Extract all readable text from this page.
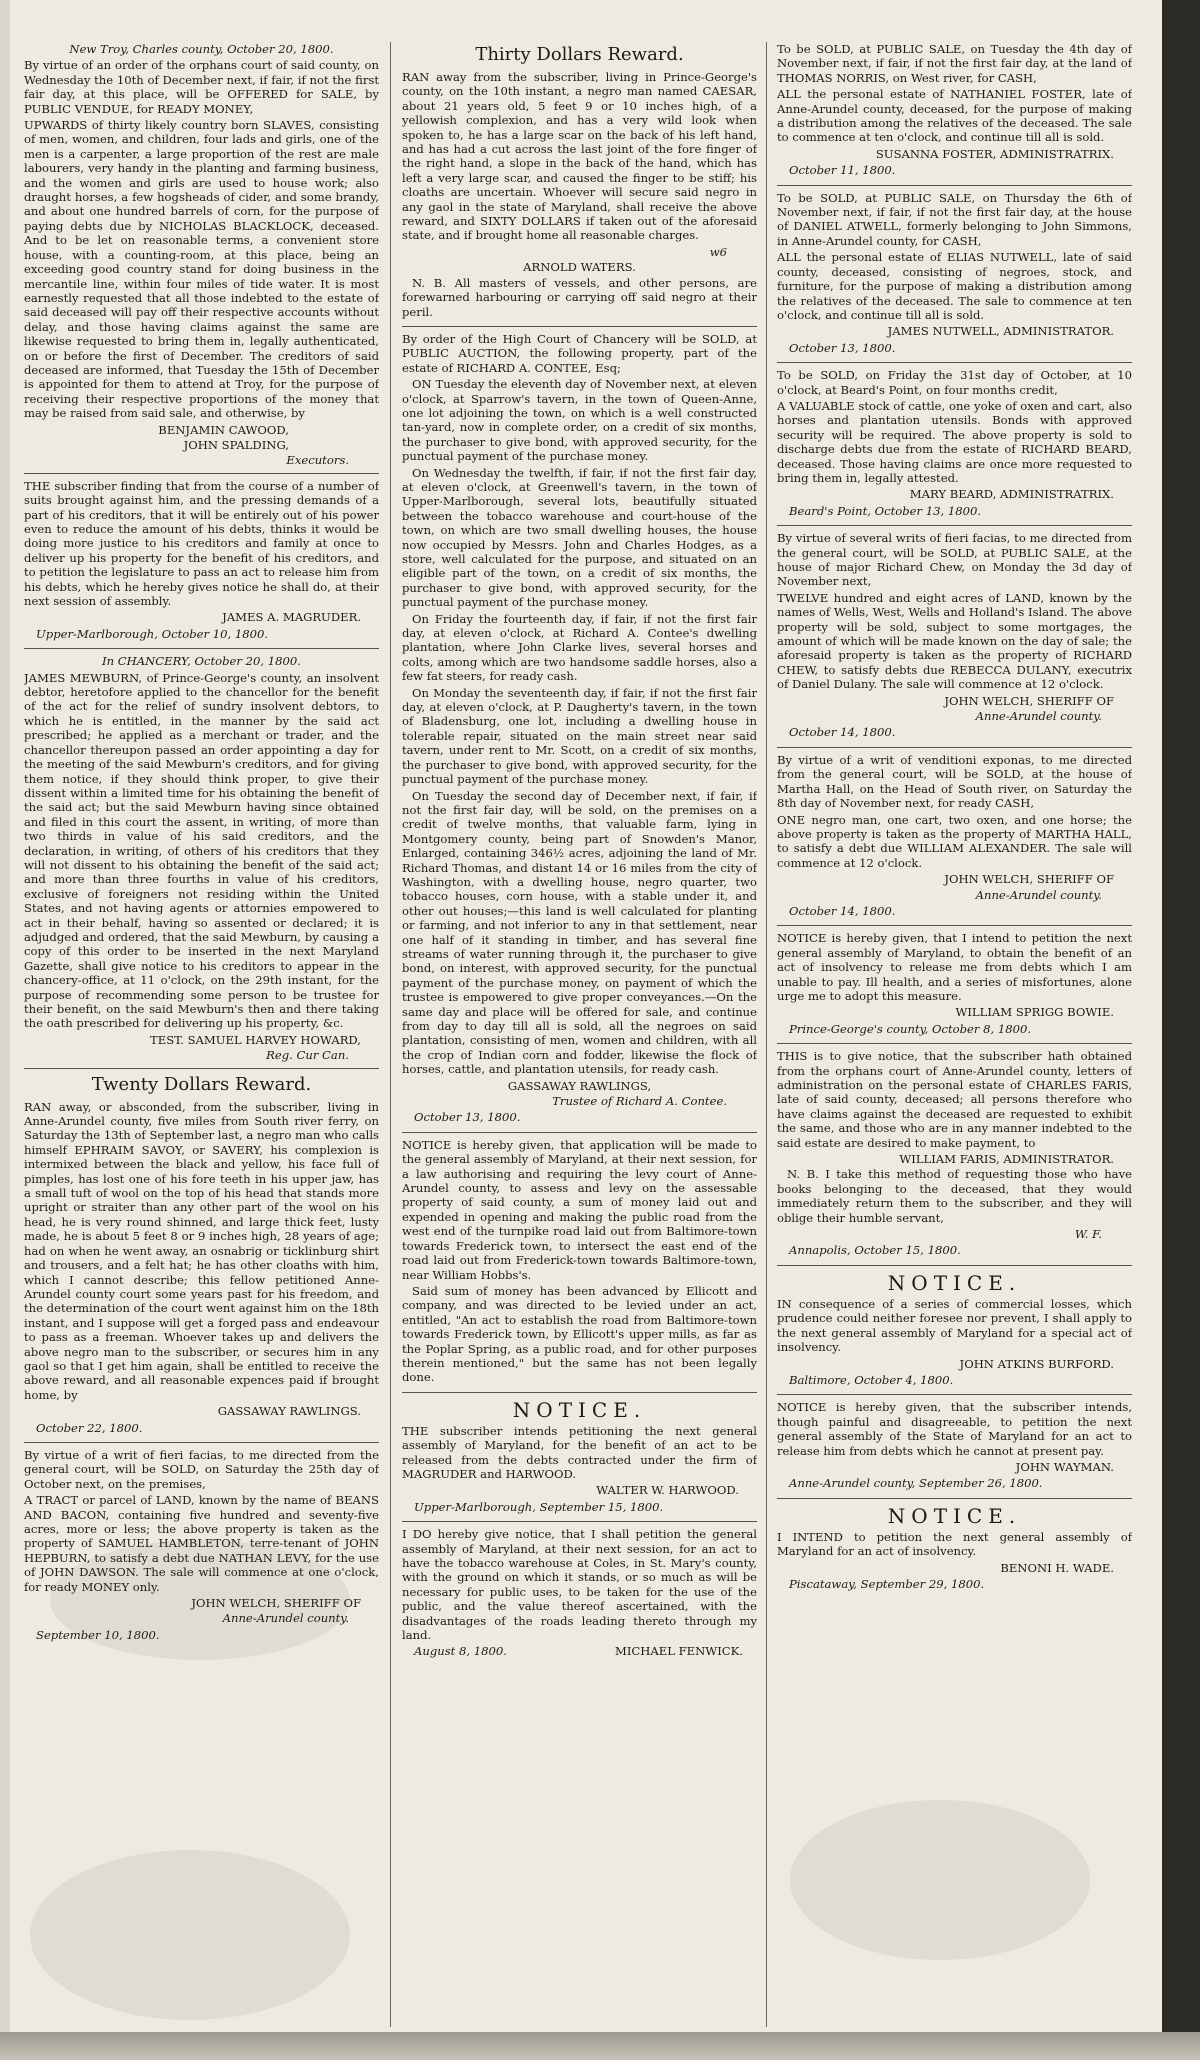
New Troy, Charles county, October 20, 1800.

By virtue of an order of the orphans court of said county, on Wednesday the 10th of December next, if fair, if not the first fair day, at this place, will be OFFERED for SALE, by PUBLIC VENDUE, for READY MONEY,

UPWARDS of thirty likely country born SLAVES, consisting of men, women, and children, four lads and girls, one of the men is a carpenter, a large proportion of the rest are male labourers, very handy in the planting and farming business, and the women and girls are used to house work; also draught horses, a few hogsheads of cider, and some brandy, and about one hundred barrels of corn, for the purpose of paying debts due by NICHOLAS BLACKLOCK, deceased. And to be let on reasonable terms, a convenient store house, with a counting-room, at this place, being an exceeding good country stand for doing business in the mercantile line, within four miles of tide water. It is most earnestly requested that all those indebted to the estate of said deceased will pay off their respective accounts without delay, and those having claims against the same are likewise requested to bring them in, legally authenticated, on or before the first of December. The creditors of said deceased are informed, that Tuesday the 15th of December is appointed for them to attend at Troy, for the purpose of receiving their respective proportions of the money that may be raised from said sale, and otherwise, by

BENJAMIN CAWOOD,
JOHN SPALDING,
Executors.

THE subscriber finding that from the course of a number of suits brought against him, and the pressing demands of a part of his creditors, that it will be entirely out of his power even to reduce the amount of his debts, thinks it would be doing more justice to his creditors and family at once to deliver up his property for the benefit of his creditors, and to petition the legislature to pass an act to release him from his debts, which he hereby gives notice he shall do, at their next session of assembly.

JAMES A. MAGRUDER.
Upper-Marlborough, October 10, 1800.
In CHANCERY, October 20, 1800.

JAMES MEWBURN, of Prince-George's county, an insolvent debtor, heretofore applied to the chancellor for the benefit of the act for the relief of sundry insolvent debtors, to which he is entitled, in the manner by the said act prescribed; he applied as a merchant or trader, and the chancellor thereupon passed an order appointing a day for the meeting of the said Mewburn's creditors, and for giving them notice, if they should think proper, to give their dissent within a limited time for his obtaining the benefit of the said act; but the said Mewburn having since obtained and filed in this court the assent, in writing, of more than two thirds in value of his said creditors, and the declaration, in writing, of others of his creditors that they will not dissent to his obtaining the benefit of the said act; and more than three fourths in value of his creditors, exclusive of foreigners not residing within the United States, and not having agents or attornies empowered to act in their behalf, having so assented or declared; it is adjudged and ordered, that the said Mewburn, by causing a copy of this order to be inserted in the next Maryland Gazette, shall give notice to his creditors to appear in the chancery-office, at 11 o'clock, on the 29th instant, for the purpose of recommending some person to be trustee for their benefit, on the said Mewburn's then and there taking the oath prescribed for delivering up his property, &c.

TEST. SAMUEL HARVEY HOWARD,
Reg. Cur Can.
Twenty Dollars Reward.

RAN away, or absconded, from the subscriber, living in Anne-Arundel county, five miles from South river ferry, on Saturday the 13th of September last, a negro man who calls himself EPHRAIM SAVOY, or SAVERY, his complexion is intermixed between the black and yellow, his face full of pimples, has lost one of his fore teeth in his upper jaw, has a small tuft of wool on the top of his head that stands more upright or straiter than any other part of the wool on his head, he is very round shinned, and large thick feet, lusty made, he is about 5 feet 8 or 9 inches high, 28 years of age; had on when he went away, an osnabrig or ticklinburg shirt and trousers, and a felt hat; he has other cloaths with him, which I cannot describe; this fellow petitioned Anne-Arundel county court some years past for his freedom, and the determination of the court went against him on the 18th instant, and I suppose will get a forged pass and endeavour to pass as a freeman. Whoever takes up and delivers the above negro man to the subscriber, or secures him in any gaol so that I get him again, shall be entitled to receive the above reward, and all reasonable expences paid if brought home, by

GASSAWAY RAWLINGS.
October 22, 1800.

By virtue of a writ of fieri facias, to me directed from the general court, will be SOLD, on Saturday the 25th day of October next, on the premises,

A TRACT or parcel of LAND, known by the name of BEANS AND BACON, containing five hundred and seventy-five acres, more or less; the above property is taken as the property of SAMUEL HAMBLETON, terre-tenant of JOHN HEPBURN, to satisfy a debt due NATHAN LEVY, for the use of JOHN DAWSON. The sale will commence at one o'clock, for ready MONEY only.

JOHN WELCH, SHERIFF OF
Anne-Arundel county.
September 10, 1800.
Thirty Dollars Reward.

RAN away from the subscriber, living in Prince-George's county, on the 10th instant, a negro man named CAESAR, about 21 years old, 5 feet 9 or 10 inches high, of a yellowish complexion, and has a very wild look when spoken to, he has a large scar on the back of his left hand, and has had a cut across the last joint of the fore finger of the right hand, a slope in the back of the hand, which has left a very large scar, and caused the finger to be stiff; his cloaths are uncertain. Whoever will secure said negro in any gaol in the state of Maryland, shall receive the above reward, and SIXTY DOLLARS if taken out of the aforesaid state, and if brought home all reasonable charges.

w6
ARNOLD WATERS.

N. B. All masters of vessels, and other persons, are forewarned harbouring or carrying off said negro at their peril.

By order of the High Court of Chancery will be SOLD, at PUBLIC AUCTION, the following property, part of the estate of RICHARD A. CONTEE, Esq;

ON Tuesday the eleventh day of November next, at eleven o'clock, at Sparrow's tavern, in the town of Queen-Anne, one lot adjoining the town, on which is a well constructed tan-yard, now in complete order, on a credit of six months, the purchaser to give bond, with approved security, for the punctual payment of the purchase money.

On Wednesday the twelfth, if fair, if not the first fair day, at eleven o'clock, at Greenwell's tavern, in the town of Upper-Marlborough, several lots, beautifully situated between the tobacco warehouse and court-house of the town, on which are two small dwelling houses, the house now occupied by Messrs. John and Charles Hodges, as a store, well calculated for the purpose, and situated on an eligible part of the town, on a credit of six months, the purchaser to give bond, with approved security, for the punctual payment of the purchase money.

On Friday the fourteenth day, if fair, if not the first fair day, at eleven o'clock, at Richard A. Contee's dwelling plantation, where John Clarke lives, several horses and colts, among which are two handsome saddle horses, also a few fat steers, for ready cash.

On Monday the seventeenth day, if fair, if not the first fair day, at eleven o'clock, at P. Daugherty's tavern, in the town of Bladensburg, one lot, including a dwelling house in tolerable repair, situated on the main street near said tavern, under rent to Mr. Scott, on a credit of six months, the purchaser to give bond, with approved security, for the punctual payment of the purchase money.

On Tuesday the second day of December next, if fair, if not the first fair day, will be sold, on the premises on a credit of twelve months, that valuable farm, lying in Montgomery county, being part of Snowden's Manor, Enlarged, containing 346½ acres, adjoining the land of Mr. Richard Thomas, and distant 14 or 16 miles from the city of Washington, with a dwelling house, negro quarter, two tobacco houses, corn house, with a stable under it, and other out houses;—this land is well calculated for planting or farming, and not inferior to any in that settlement, near one half of it standing in timber, and has several fine streams of water running through it, the purchaser to give bond, on interest, with approved security, for the punctual payment of the purchase money, on payment of which the trustee is empowered to give proper conveyances.—On the same day and place will be offered for sale, and continue from day to day till all is sold, all the negroes on said plantation, consisting of men, women and children, with all the crop of Indian corn and fodder, likewise the flock of horses, cattle, and plantation utensils, for ready cash.

GASSAWAY RAWLINGS,
Trustee of Richard A. Contee.
October 13, 1800.

NOTICE is hereby given, that application will be made to the general assembly of Maryland, at their next session, for a law authorising and requiring the levy court of Anne-Arundel county, to assess and levy on the assessable property of said county, a sum of money laid out and expended in opening and making the public road from the west end of the turnpike road laid out from Baltimore-town towards Frederick town, to intersect the east end of the road laid out from Frederick-town towards Baltimore-town, near William Hobbs's.

Said sum of money has been advanced by Ellicott and company, and was directed to be levied under an act, entitled, "An act to establish the road from Baltimore-town towards Frederick town, by Ellicott's upper mills, as far as the Poplar Spring, as a public road, and for other purposes therein mentioned," but the same has not been legally done.

NOTICE.

THE subscriber intends petitioning the next general assembly of Maryland, for the benefit of an act to be released from the debts contracted under the firm of MAGRUDER and HARWOOD.

WALTER W. HARWOOD.
Upper-Marlborough, September 15, 1800.

I DO hereby give notice, that I shall petition the general assembly of Maryland, at their next session, for an act to have the tobacco warehouse at Coles, in St. Mary's county, with the ground on which it stands, or so much as will be necessary for public uses, to be taken for the use of the public, and the value thereof ascertained, with the disadvantages of the roads leading thereto through my land.

August 8, 1800.	MICHAEL FENWICK.

To be SOLD, at PUBLIC SALE, on Tuesday the 4th day of November next, if fair, if not the first fair day, at the land of THOMAS NORRIS, on West river, for CASH,

ALL the personal estate of NATHANIEL FOSTER, late of Anne-Arundel county, deceased, for the purpose of making a distribution among the relatives of the deceased. The sale to commence at ten o'clock, and continue till all is sold.

SUSANNA FOSTER, ADMINISTRATRIX.
October 11, 1800.

To be SOLD, at PUBLIC SALE, on Thursday the 6th of November next, if fair, if not the first fair day, at the house of DANIEL ATWELL, formerly belonging to John Simmons, in Anne-Arundel county, for CASH,

ALL the personal estate of ELIAS NUTWELL, late of said county, deceased, consisting of negroes, stock, and furniture, for the purpose of making a distribution among the relatives of the deceased. The sale to commence at ten o'clock, and continue till all is sold.

JAMES NUTWELL, ADMINISTRATOR.
October 13, 1800.

To be SOLD, on Friday the 31st day of October, at 10 o'clock, at Beard's Point, on four months credit,

A VALUABLE stock of cattle, one yoke of oxen and cart, also horses and plantation utensils. Bonds with approved security will be required. The above property is sold to discharge debts due from the estate of RICHARD BEARD, deceased. Those having claims are once more requested to bring them in, legally attested.

MARY BEARD, ADMINISTRATRIX.
Beard's Point, October 13, 1800.

By virtue of several writs of fieri facias, to me directed from the general court, will be SOLD, at PUBLIC SALE, at the house of major Richard Chew, on Monday the 3d day of November next,

TWELVE hundred and eight acres of LAND, known by the names of Wells, West, Wells and Holland's Island. The above property will be sold, subject to some mortgages, the amount of which will be made known on the day of sale; the aforesaid property is taken as the property of RICHARD CHEW, to satisfy debts due REBECCA DULANY, executrix of Daniel Dulany. The sale will commence at 12 o'clock.

JOHN WELCH, SHERIFF OF
Anne-Arundel county.
October 14, 1800.

By virtue of a writ of venditioni exponas, to me directed from the general court, will be SOLD, at the house of Martha Hall, on the Head of South river, on Saturday the 8th day of November next, for ready CASH,

ONE negro man, one cart, two oxen, and one horse; the above property is taken as the property of MARTHA HALL, to satisfy a debt due WILLIAM ALEXANDER. The sale will commence at 12 o'clock.

JOHN WELCH, SHERIFF OF
Anne-Arundel county.
October 14, 1800.

NOTICE is hereby given, that I intend to petition the next general assembly of Maryland, to obtain the benefit of an act of insolvency to release me from debts which I am unable to pay. Ill health, and a series of misfortunes, alone urge me to adopt this measure.

WILLIAM SPRIGG BOWIE.
Prince-George's county, October 8, 1800.

THIS is to give notice, that the subscriber hath obtained from the orphans court of Anne-Arundel county, letters of administration on the personal estate of CHARLES FARIS, late of said county, deceased; all persons therefore who have claims against the deceased are requested to exhibit the same, and those who are in any manner indebted to the said estate are desired to make payment, to

WILLIAM FARIS, ADMINISTRATOR.

N. B. I take this method of requesting those who have books belonging to the deceased, that they would immediately return them to the subscriber, and they will oblige their humble servant,

W. F.
Annapolis, October 15, 1800.
NOTICE.

IN consequence of a series of commercial losses, which prudence could neither foresee nor prevent, I shall apply to the next general assembly of Maryland for a special act of insolvency.

JOHN ATKINS BURFORD.
Baltimore, October 4, 1800.

NOTICE is hereby given, that the subscriber intends, though painful and disagreeable, to petition the next general assembly of the State of Maryland for an act to release him from debts which he cannot at present pay.

JOHN WAYMAN.
Anne-Arundel county, September 26, 1800.
NOTICE.

I INTEND to petition the next general assembly of Maryland for an act of insolvency.

BENONI H. WADE.
Piscataway, September 29, 1800.
